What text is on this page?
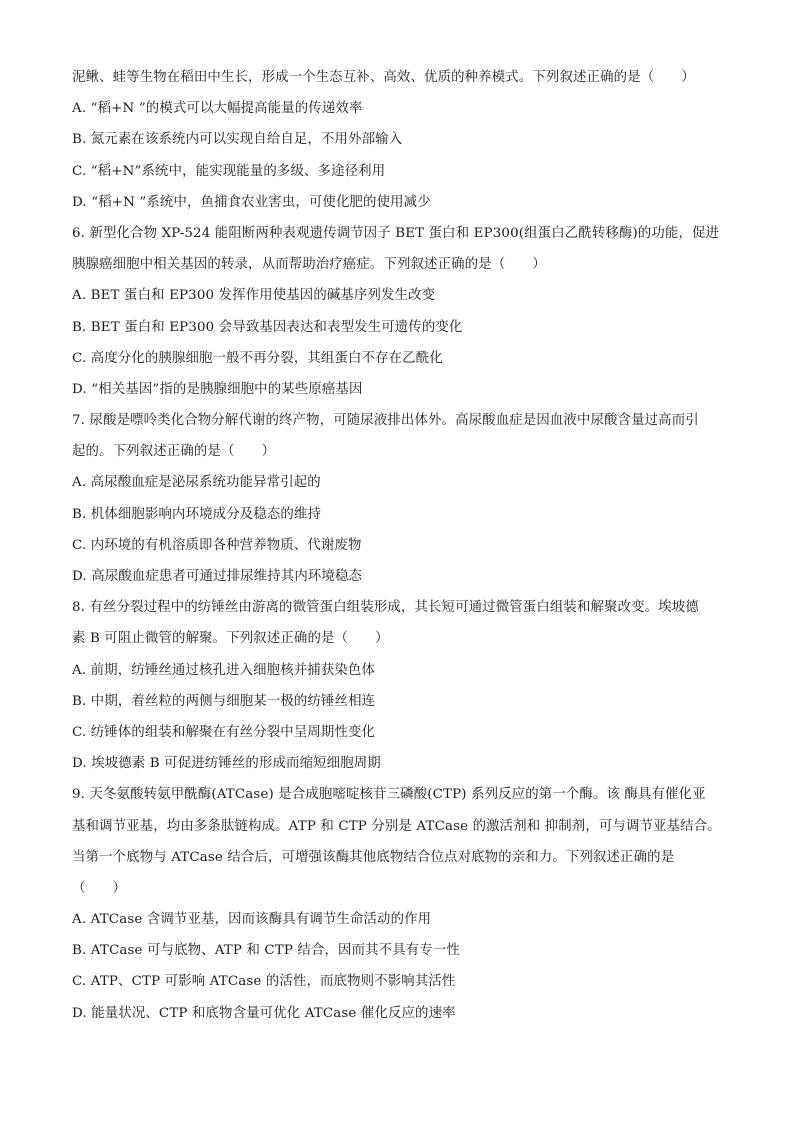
泥鳅、蛙等生物在稻田中生长，形成一个生态互补、高效、优质的种养模式。下列叙述正确的是（　　）
A. “稻+N ”的模式可以大幅提高能量的传递效率
B. 氮元素在该系统内可以实现自给自足，不用外部输入
C. “稻+N”系统中，能实现能量的多级、多途径利用
D. “稻+N ”系统中，鱼捕食农业害虫，可使化肥的使用减少
6. 新型化合物 XP-524 能阻断两种表观遗传调节因子 BET 蛋白和 EP300(组蛋白乙酰转移酶)的功能，促进
胰腺癌细胞中相关基因的转录，从而帮助治疗癌症。下列叙述正确的是（　　）
A. BET 蛋白和 EP300 发挥作用使基因的碱基序列发生改变
B. BET 蛋白和 EP300 会导致基因表达和表型发生可遗传的变化
C. 高度分化的胰腺细胞一般不再分裂，其组蛋白不存在乙酰化
D. “相关基因”指的是胰腺细胞中的某些原癌基因
7. 尿酸是嘌呤类化合物分解代谢的终产物，可随尿液排出体外。高尿酸血症是因血液中尿酸含量过高而引
起的。下列叙述正确的是（　　）
A. 高尿酸血症是泌尿系统功能异常引起的
B. 机体细胞影响内环境成分及稳态的维持
C. 内环境的有机溶质即各种营养物质、代谢废物
D. 高尿酸血症患者可通过排尿维持其内环境稳态
8. 有丝分裂过程中的纺锤丝由游离的微管蛋白组装形成，其长短可通过微管蛋白组装和解聚改变。埃坡德
素 B 可阻止微管的解聚。下列叙述正确的是（　　）
A. 前期，纺锤丝通过核孔进入细胞核并捕获染色体
B. 中期，着丝粒的两侧与细胞某一极的纺锤丝相连
C. 纺锤体的组装和解聚在有丝分裂中呈周期性变化
D. 埃坡德素 B 可促进纺锤丝的形成而缩短细胞周期
9. 天冬氨酸转氨甲酰酶(ATCase) 是合成胞嘧啶核苷三磷酸(CTP) 系列反应的第一个酶。该 酶具有催化亚
基和调节亚基，均由多条肽链构成。ATP 和 CTP 分别是 ATCase 的激活剂和 抑制剂，可与调节亚基结合。
当第一个底物与 ATCase 结合后，可增强该酶其他底物结合位点对底物的亲和力。下列叙述正确的是
（　　）
A. ATCase 含调节亚基，因而该酶具有调节生命活动的作用
B. ATCase 可与底物、ATP 和 CTP 结合，因而其不具有专一性
C. ATP、CTP 可影响 ATCase 的活性，而底物则不影响其活性
D. 能量状况、CTP 和底物含量可优化 ATCase 催化反应的速率
